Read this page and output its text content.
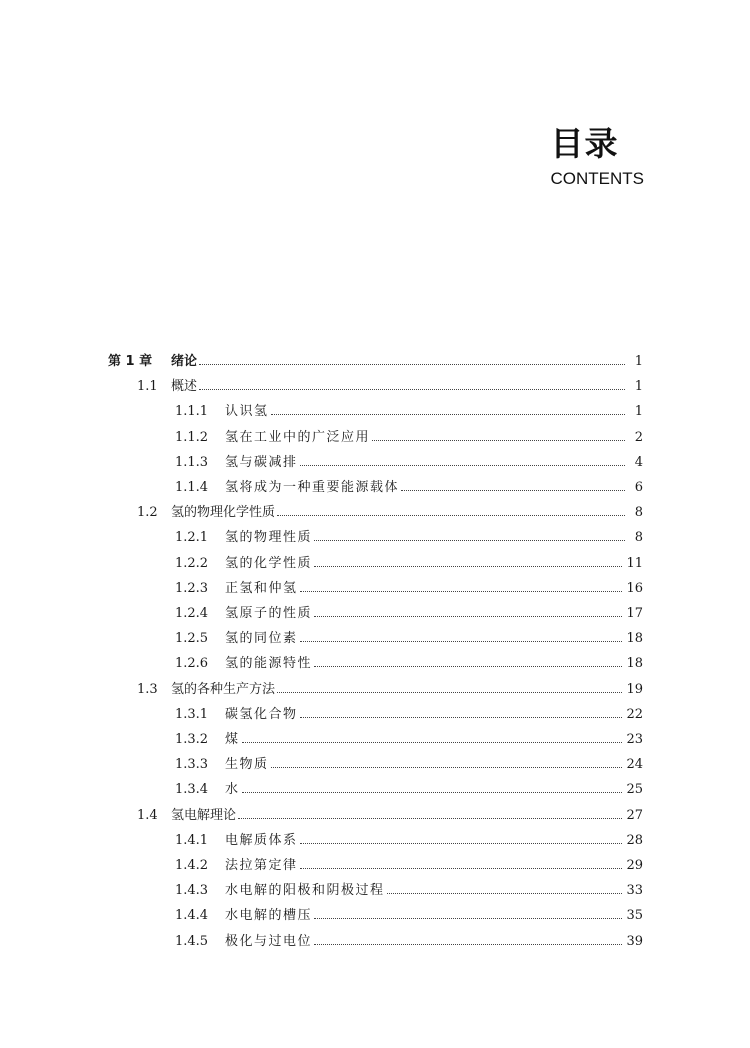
目录
CONTENTS
第 1 章	绪论	1
1.1	概述	1
1.1.1	认识氢	1
1.1.2	氢在工业中的广泛应用	2
1.1.3	氢与碳减排	4
1.1.4	氢将成为一种重要能源载体	6
1.2	氢的物理化学性质	8
1.2.1	氢的物理性质	8
1.2.2	氢的化学性质	11
1.2.3	正氢和仲氢	16
1.2.4	氢原子的性质	17
1.2.5	氢的同位素	18
1.2.6	氢的能源特性	18
1.3	氢的各种生产方法	19
1.3.1	碳氢化合物	22
1.3.2	煤	23
1.3.3	生物质	24
1.3.4	水	25
1.4	氢电解理论	27
1.4.1	电解质体系	28
1.4.2	法拉第定律	29
1.4.3	水电解的阳极和阴极过程	33
1.4.4	水电解的槽压	35
1.4.5	极化与过电位	39
